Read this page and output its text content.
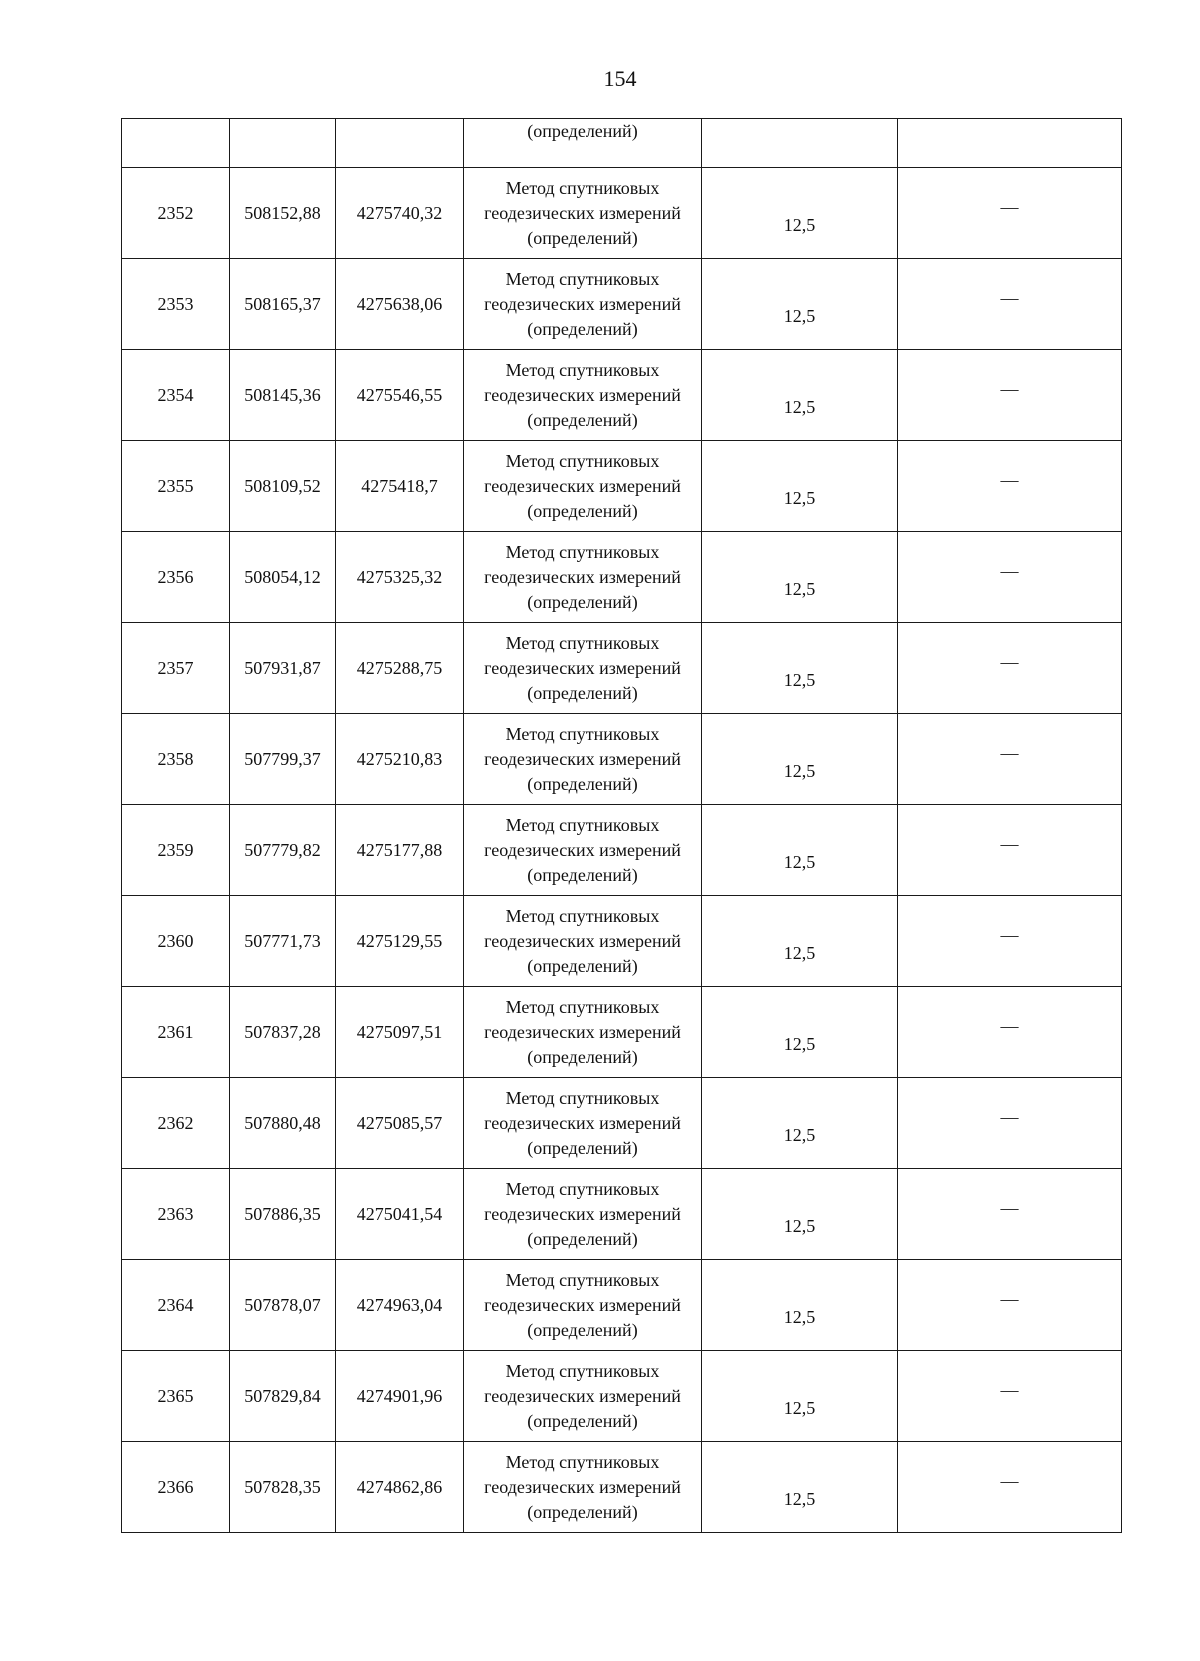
154

			(определений)		

2352	508152,88	4275740,32	Метод спутниковых
геодезических измерений
(определений)	12,5	—

2353	508165,37	4275638,06	Метод спутниковых
геодезических измерений
(определений)	12,5	—

2354	508145,36	4275546,55	Метод спутниковых
геодезических измерений
(определений)	12,5	—

2355	508109,52	4275418,7	Метод спутниковых
геодезических измерений
(определений)	12,5	—

2356	508054,12	4275325,32	Метод спутниковых
геодезических измерений
(определений)	12,5	—

2357	507931,87	4275288,75	Метод спутниковых
геодезических измерений
(определений)	12,5	—

2358	507799,37	4275210,83	Метод спутниковых
геодезических измерений
(определений)	12,5	—

2359	507779,82	4275177,88	Метод спутниковых
геодезических измерений
(определений)	12,5	—

2360	507771,73	4275129,55	Метод спутниковых
геодезических измерений
(определений)	12,5	—

2361	507837,28	4275097,51	Метод спутниковых
геодезических измерений
(определений)	12,5	—

2362	507880,48	4275085,57	Метод спутниковых
геодезических измерений
(определений)	12,5	—

2363	507886,35	4275041,54	Метод спутниковых
геодезических измерений
(определений)	12,5	—

2364	507878,07	4274963,04	Метод спутниковых
геодезических измерений
(определений)	12,5	—

2365	507829,84	4274901,96	Метод спутниковых
геодезических измерений
(определений)	12,5	—

2366	507828,35	4274862,86	Метод спутниковых
геодезических измерений
(определений)	12,5	—
